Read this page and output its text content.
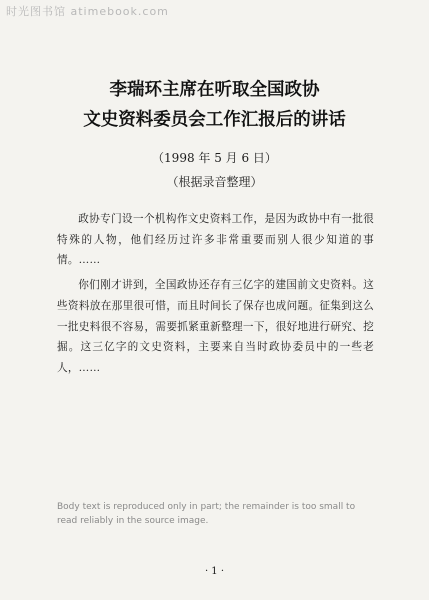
时光图书馆 atimebook.com
李瑞环主席在听取全国政协
文史资料委员会工作汇报后的讲话
（1998 年 5 月 6 日）
（根据录音整理）

政协专门设一个机构作文史资料工作，是因为政协中有一批很特殊的人物，他们经历过许多非常重要而别人很少知道的事情。……

你们刚才讲到，全国政协还存有三亿字的建国前文史资料。这些资料放在那里很可惜，而且时间长了保存也成问题。征集到这么一批史料很不容易，需要抓紧重新整理一下，很好地进行研究、挖掘。这三亿字的文史资料，主要来自当时政协委员中的一些老人，……

Body text is reproduced only in part; the remainder is too small to read reliably in the source image.
· 1 ·
